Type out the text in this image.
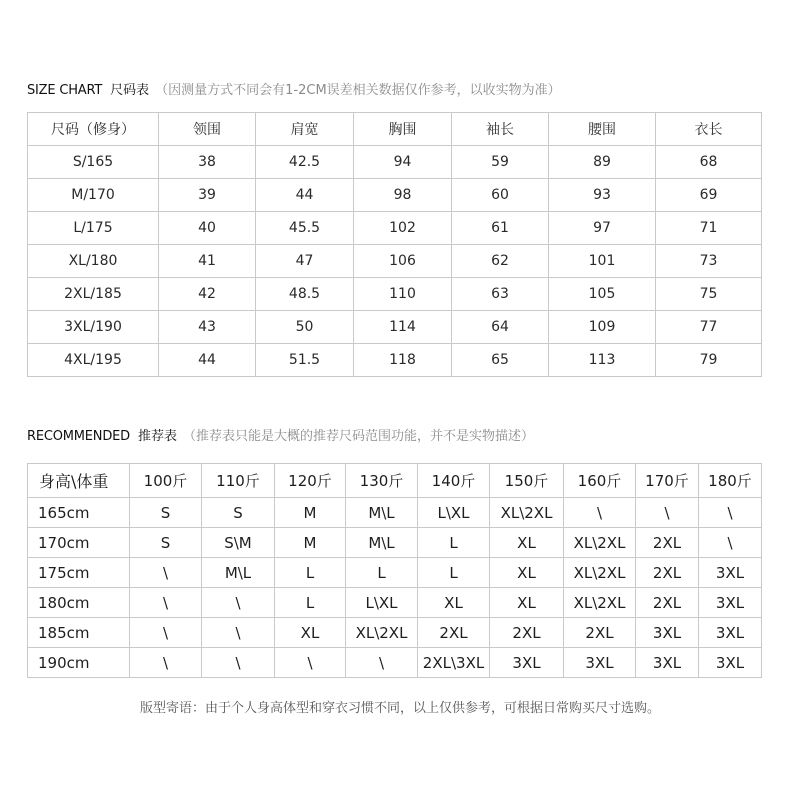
SIZE CHART 尺码表 （因测量方式不同会有1-2CM误差相关数据仅作参考，以收实物为准）
尺码（修身）	领围	肩宽	胸围	袖长	腰围	衣长
S/165	38	42.5	94	59	89	68
M/170	39	44	98	60	93	69
L/175	40	45.5	102	61	97	71
XL/180	41	47	106	62	101	73
2XL/185	42	48.5	110	63	105	75
3XL/190	43	50	114	64	109	77
4XL/195	44	51.5	118	65	113	79
RECOMMENDED 推荐表 （推荐表只能是大概的推荐尺码范围功能，并不是实物描述）
身高\体重	100斤	110斤	120斤	130斤	140斤	150斤	160斤	170斤	180斤
165cm	S	S	M	M\L	L\XL	XL\2XL	\	\	\
170cm	S	S\M	M	M\L	L	XL	XL\2XL	2XL	\
175cm	\	M\L	L	L	L	XL	XL\2XL	2XL	3XL
180cm	\	\	L	L\XL	XL	XL	XL\2XL	2XL	3XL
185cm	\	\	XL	XL\2XL	2XL	2XL	2XL	3XL	3XL
190cm	\	\	\	\	2XL\3XL	3XL	3XL	3XL	3XL
版型寄语：由于个人身高体型和穿衣习惯不同，以上仅供参考，可根据日常购买尺寸选购。
